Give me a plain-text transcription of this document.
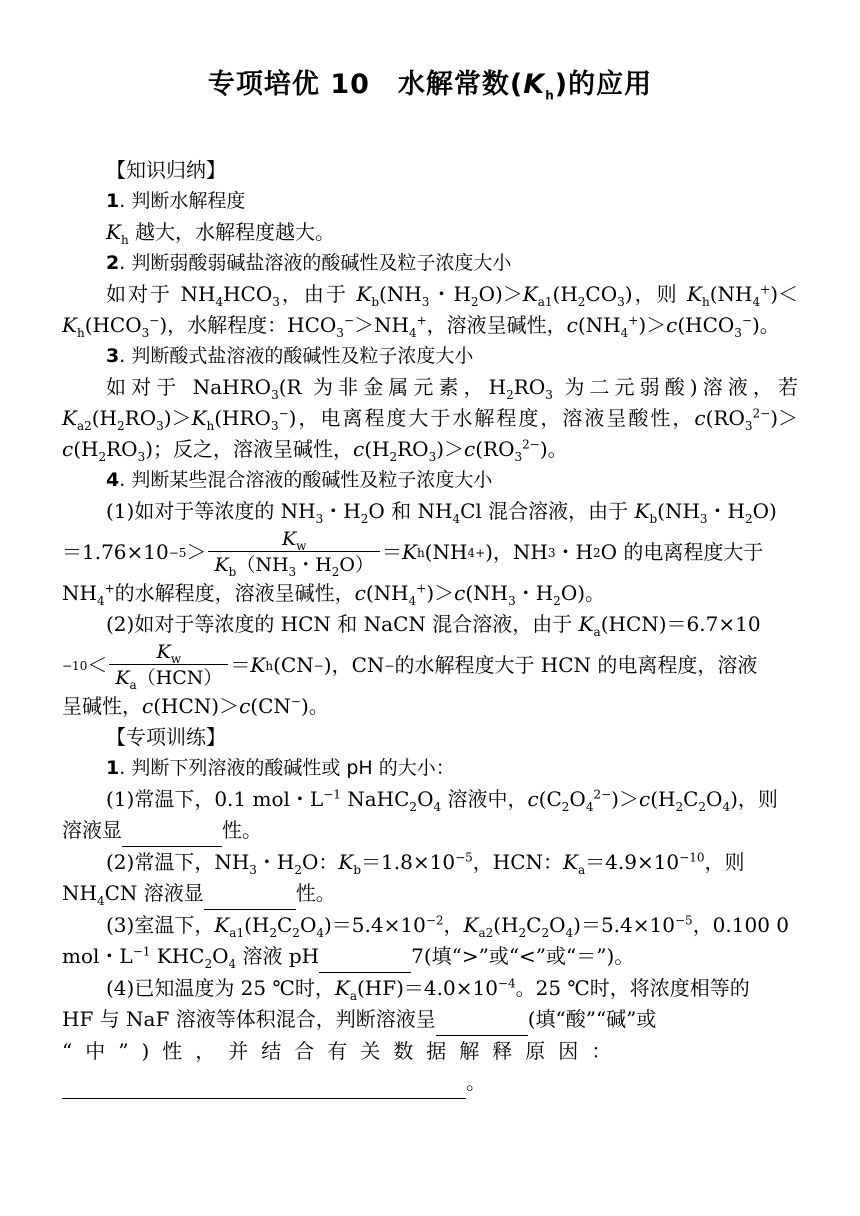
专项培优 10　水解常数$(K_h)$的应用

【知识归纳】

1. 判断水解程度

$K_h$ 越大，水解程度越大。

2. 判断弱酸弱碱盐溶液的酸碱性及粒子浓度大小

如对于 $NH_4HCO_3$，由于 $K_b(NH_3$・$H_2O)>K_{a1}(H_2CO_3)$，则 $K_h(NH_4^+)<K_h(HCO_3^-)$，水解程度：$HCO_3^->NH_4^+$，溶液呈碱性，$c(NH_4^+)>c(HCO_3^-)$。

3. 判断酸式盐溶液的酸碱性及粒子浓度大小

如对于 NaHRO$_3$(R 为非金属元素，$H_2RO_3$ 为二元弱酸)溶液，若 $K_{a2}(H_2RO_3)>K_h(HRO_3^-)$，电离程度大于水解程度，溶液呈酸性，$c(RO_3^{2-})>c(H_2RO_3)$；反之，溶液呈碱性，$c(H_2RO_3)>c(RO_3^{2-})$。

4. 判断某些混合溶液的酸碱性及粒子浓度大小

(1)如对于等浓度的 $NH_3$・$H_2O$ 和 $NH_4Cl$ 混合溶液，由于 $K_b(NH_3$・$H_2O$)

$=1.76\times 10 -5 > \frac{K_w}{K_b(NH_3・H_2O)} = K$ h (NH 4 + )，NH 3 ・H 2 O 的电离程度大于

$NH_4^+$的水解程度，溶液呈碱性，$c(NH_4^+)>c(NH_3$・$H_2O$)。

(2)如对于等浓度的 HCN 和 NaCN 混合溶液，由于 $K_a(HCN)=6.7\times 10$

$-10 < \frac{K_w}{K_a(HCN)} = K$ h (CN − )，CN − 的水解程度大于 HCN 的电离程度，溶液

呈碱性，c(HCN)＞c(CN−)。

【专项训练】

1. 判断下列溶液的酸碱性或 pH 的大小：

(1)常温下，0.1 mol・$L^{-1}$ $NaHC_2O_4$ 溶液中，$c(C_2O_4^{2-})>c(H_2C_2O_4)$，则

溶液显	性。

(2)常温下，$NH_3$・$H_2O$：$K_b=1.8\times 10^{-5}$，HCN：$K_a=4.9\times 10^{-10}$，则

$NH_4CN$ 溶液显	性。

(3)室温下，$K_{a1}(H_2C_2O_4)=5.4\times 10^{-2}$，$K_{a2}(H_2C_2O_4)=5.4\times 10^{-5}$，0.100 0

mol・$L^{-1}$ $KHC_2O_4$ 溶液 pH	7(填“>”或“<”或“＝”)。

(4)已知温度为 25 ℃时，$K_a(HF)=4.0\times 10^{-4}$。25 ℃时，将浓度相等的

HF 与 NaF 溶液等体积混合，判断溶液呈	(填“酸”“碱”或

“中”)性，并结合有关数据解释原因：

。
